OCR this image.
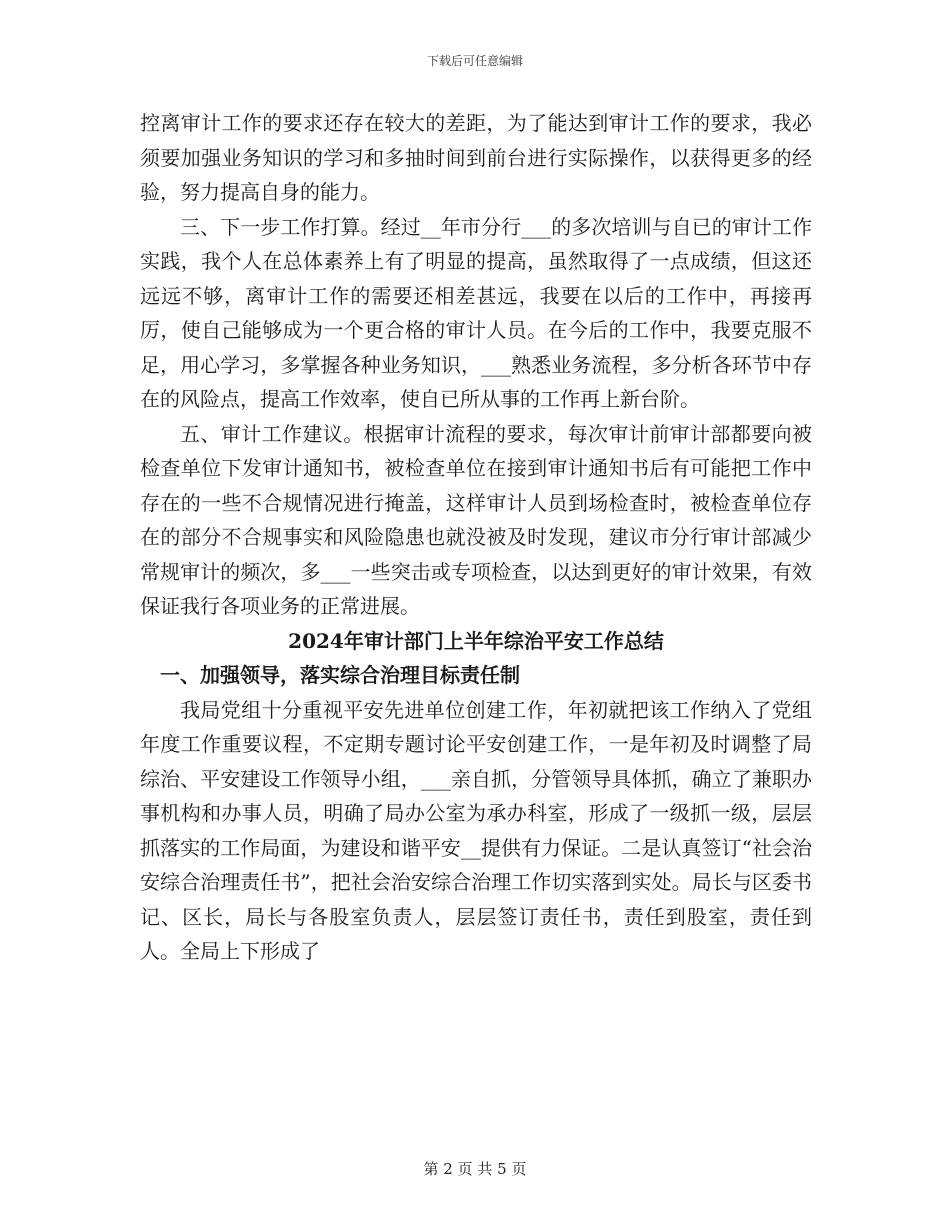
下载后可任意编辑

控离审计工作的要求还存在较大的差距，为了能达到审计工作的要求，我必须要加强业务知识的学习和多抽时间到前台进行实际操作，以获得更多的经验，努力提高自身的能力。

三、下一步工作打算。经过__年市分行___的多次培训与自已的审计工作实践，我个人在总体素养上有了明显的提高，虽然取得了一点成绩，但这还远远不够，离审计工作的需要还相差甚远，我要在以后的工作中，再接再厉，使自己能够成为一个更合格的审计人员。在今后的工作中，我要克服不足，用心学习，多掌握各种业务知识，___熟悉业务流程，多分析各环节中存在的风险点，提高工作效率，使自已所从事的工作再上新台阶。

五、审计工作建议。根据审计流程的要求，每次审计前审计部都要向被检查单位下发审计通知书，被检查单位在接到审计通知书后有可能把工作中存在的一些不合规情况进行掩盖，这样审计人员到场检查时，被检查单位存在的部分不合规事实和风险隐患也就没被及时发现，建议市分行审计部减少常规审计的频次，多___一些突击或专项检查，以达到更好的审计效果，有效保证我行各项业务的正常进展。

2024年审计部门上半年综治平安工作总结

一、加强领导，落实综合治理目标责任制

我局党组十分重视平安先进单位创建工作，年初就把该工作纳入了党组年度工作重要议程，不定期专题讨论平安创建工作，一是年初及时调整了局综治、平安建设工作领导小组，___亲自抓，分管领导具体抓，确立了兼职办事机构和办事人员，明确了局办公室为承办科室，形成了一级抓一级，层层抓落实的工作局面，为建设和谐平安__提供有力保证。二是认真签订“社会治安综合治理责任书”，把社会治安综合治理工作切实落到实处。局长与区委书记、区长，局长与各股室负责人，层层签订责任书，责任到股室，责任到人。全局上下形成了

第 2 页 共 5 页
